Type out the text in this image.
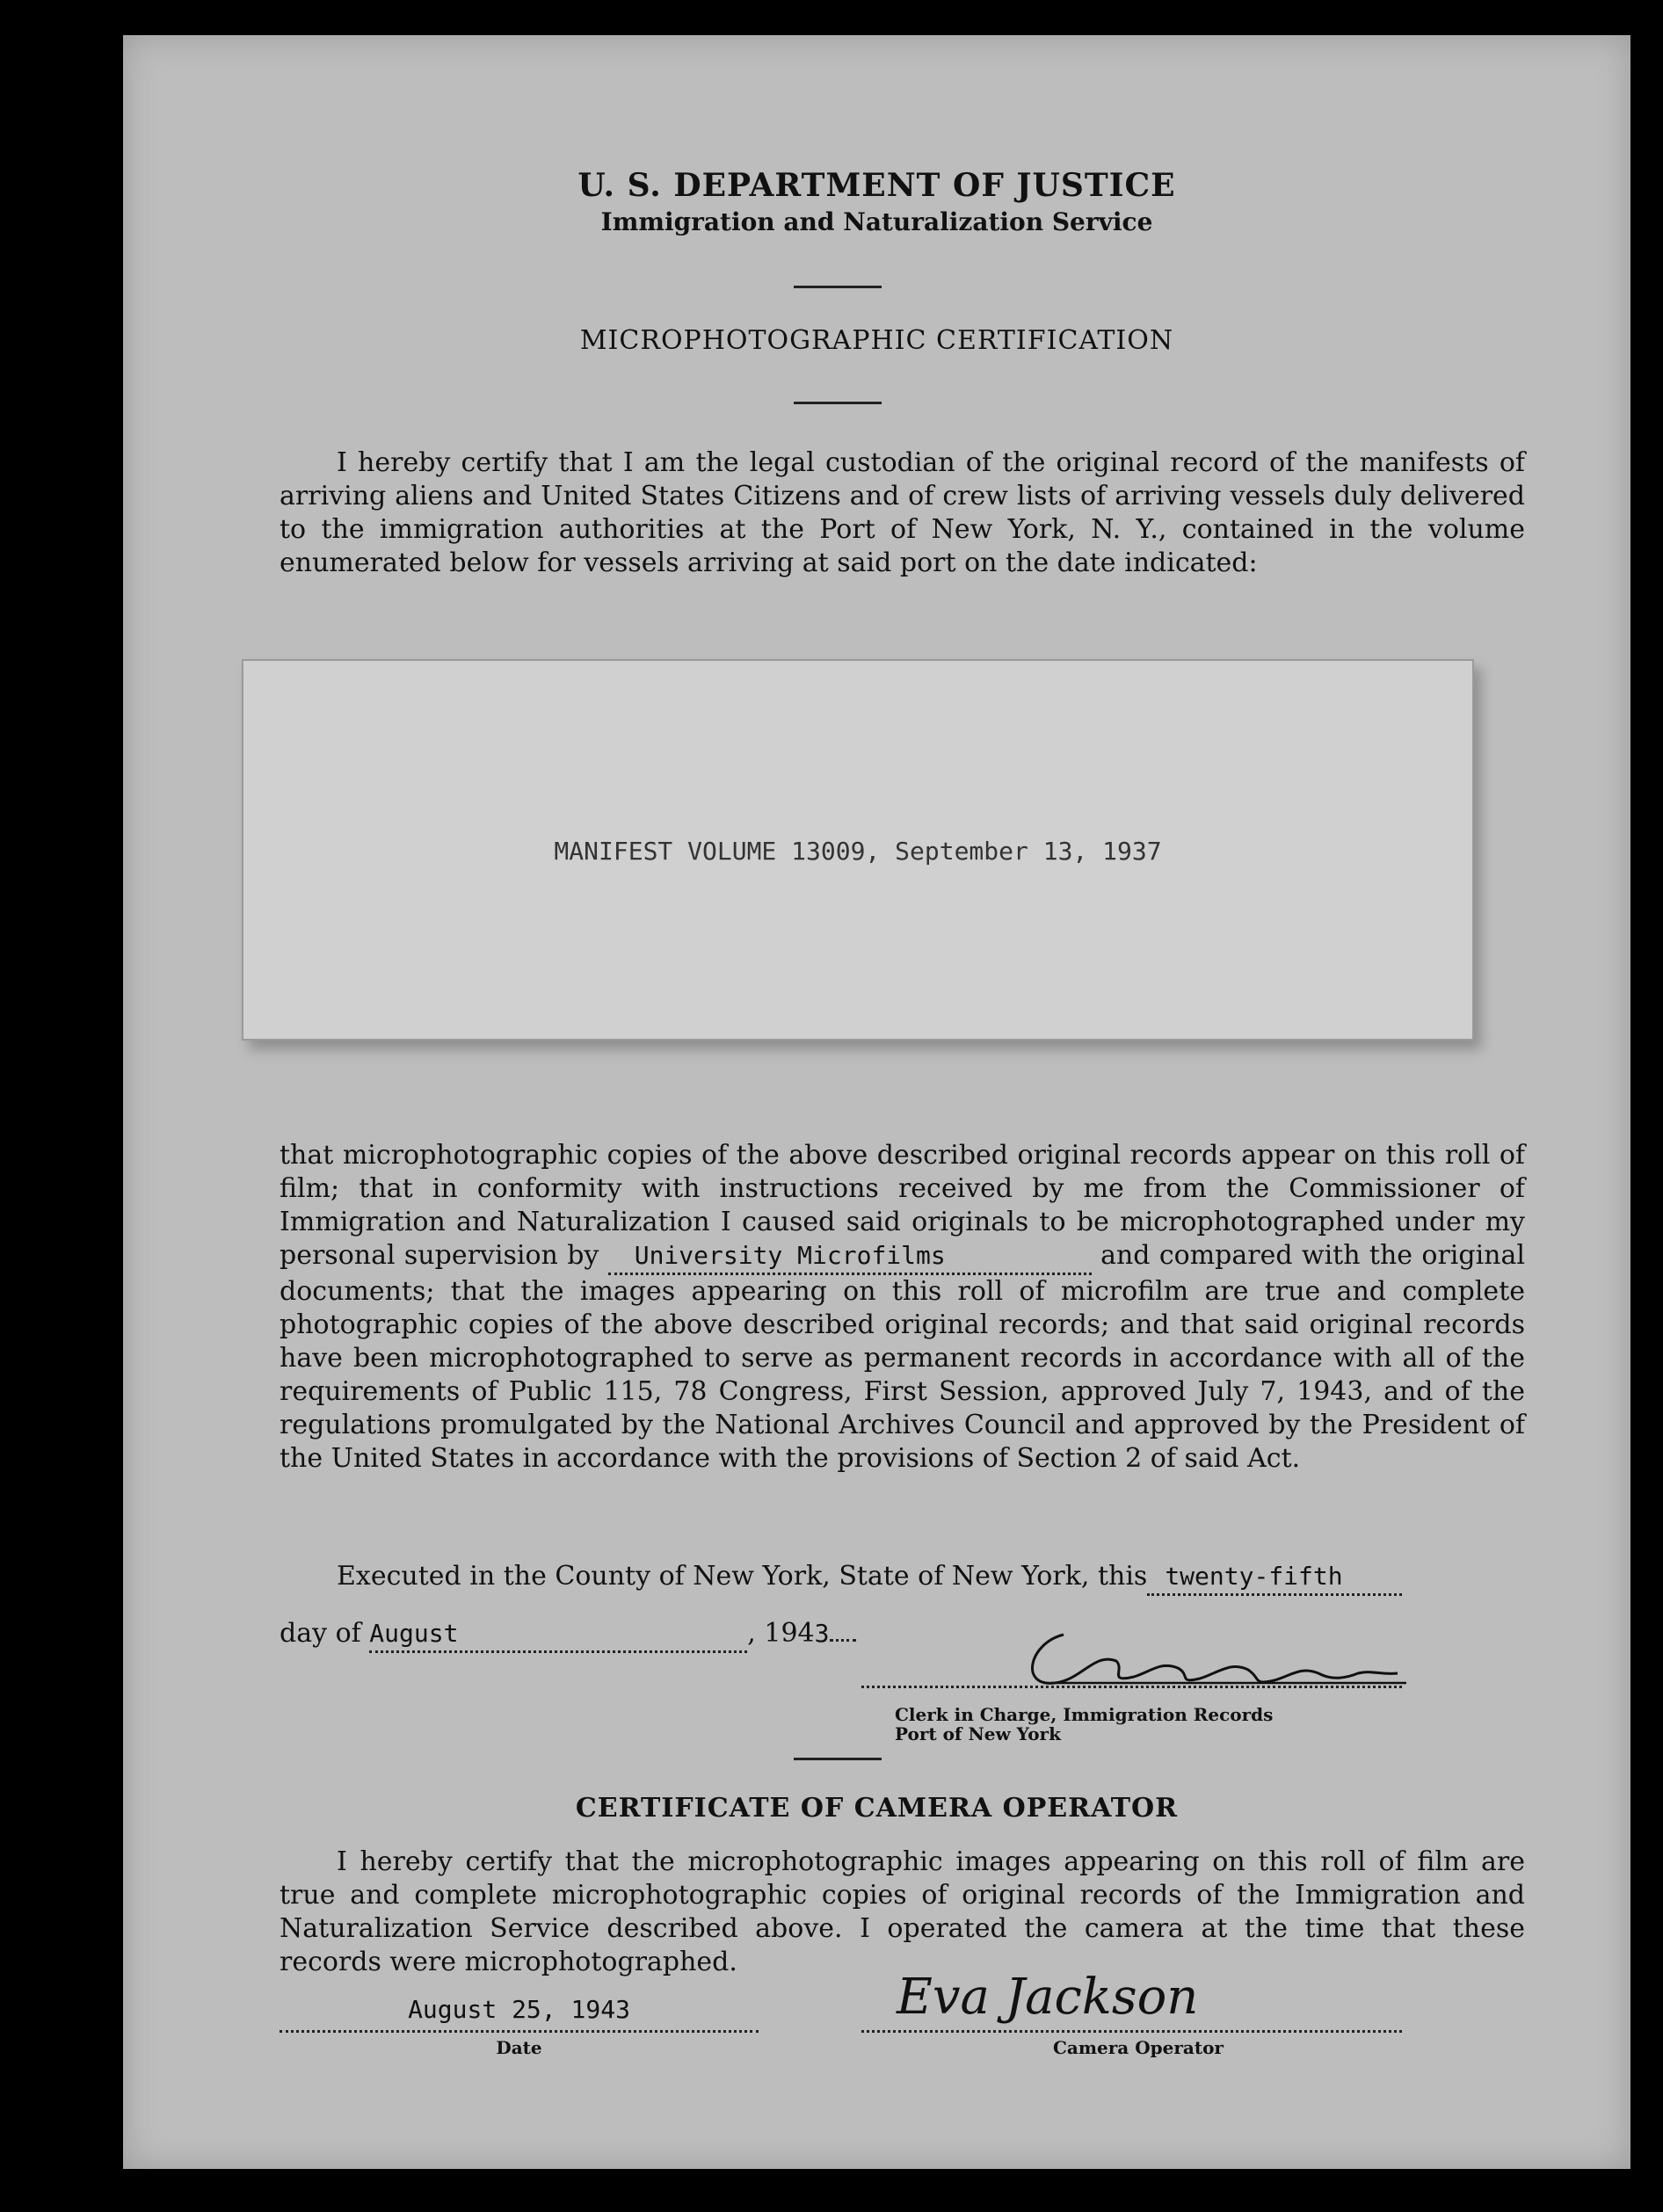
U. S. DEPARTMENT OF JUSTICE
Immigration and Naturalization Service
MICROPHOTOGRAPHIC CERTIFICATION
I hereby certify that I am the legal custodian of the original record of the manifests of arriving aliens and United States Citizens and of crew lists of arriving vessels duly delivered to the immigration authorities at the Port of New York, N. Y., contained in the volume enumerated below for vessels arriving at said port on the date indicated:
MANIFEST VOLUME 13009, September 13, 1937
that microphotographic copies of the above described original records appear on this roll of film; that in conformity with instructions received by me from the Commissioner of Immigration and Naturalization I caused said originals to be microphotographed under my personal supervision by University Microfilms	and compared with the original documents; that the images appearing on this roll of microfilm are true and complete photographic copies of the above described original records; and that said original records have been microphotographed to serve as permanent records in accordance with all of the requirements of Public 115, 78 Congress, First Session, approved July 7, 1943, and of the regulations promulgated by the National Archives Council and approved by the President of the United States in accordance with the provisions of Section 2 of said Act.
Executed in the County of New York, State of New York, this twenty-fifth
day of August	, 1943
Clerk in Charge, Immigration Records
Port of New York
CERTIFICATE OF CAMERA OPERATOR
I hereby certify that the microphotographic images appearing on this roll of film are true and complete microphotographic copies of original records of the Immigration and Naturalization Service described above. I operated the camera at the time that these records were microphotographed.
August 25, 1943
Date
Eva Jackson
Camera Operator
